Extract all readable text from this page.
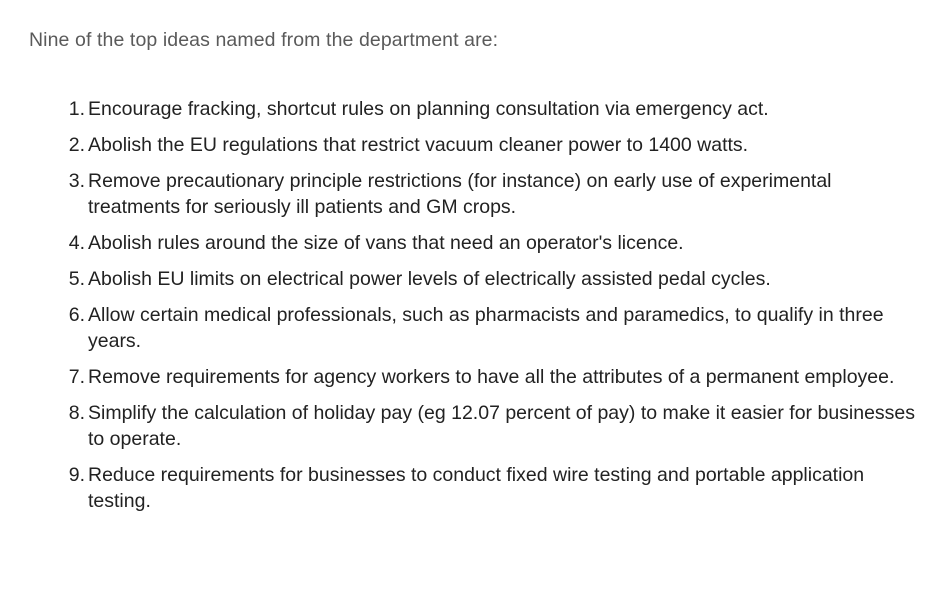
Nine of the top ideas named from the department are:

1. Encourage fracking, shortcut rules on planning consultation via emergency act.
2. Abolish the EU regulations that restrict vacuum cleaner power to 1400 watts.
3. Remove precautionary principle restrictions (for instance) on early use of experimental treatments for seriously ill patients and GM crops.
4. Abolish rules around the size of vans that need an operator's licence.
5. Abolish EU limits on electrical power levels of electrically assisted pedal cycles.
6. Allow certain medical professionals, such as pharmacists and paramedics, to qualify in three years.
7. Remove requirements for agency workers to have all the attributes of a permanent employee.
8. Simplify the calculation of holiday pay (eg 12.07 percent of pay) to make it easier for businesses to operate.
9. Reduce requirements for businesses to conduct fixed wire testing and portable application testing.
